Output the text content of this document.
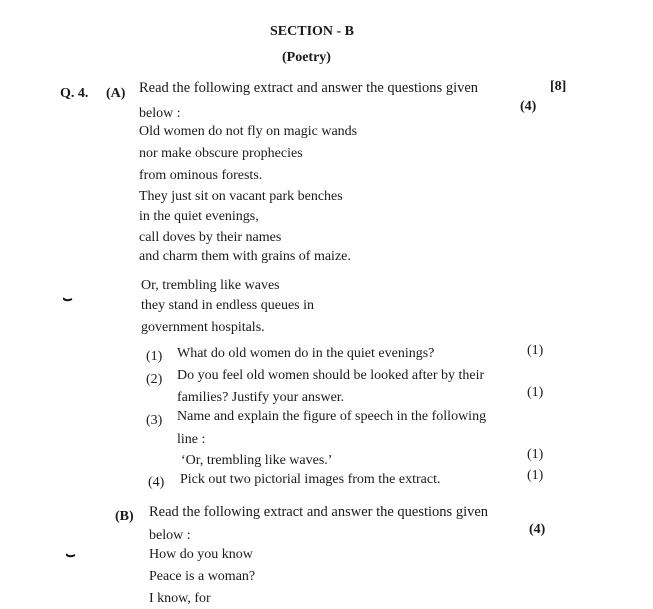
SECTION - B
(Poetry)
Q. 4. (A) Read the following extract and answer the questions given	[8]
below :	(4)
Old women do not fly on magic wands
nor make obscure prophecies
from ominous forests.
They just sit on vacant park benches
in the quiet evenings,
call doves by their names
and charm them with grains of maize.
Or, trembling like waves
they stand in endless queues in
government hospitals.
(1) What do old women do in the quiet evenings?	(1)
(2) Do you feel old women should be looked after by their
families? Justify your answer.	(1)
(3) Name and explain the figure of speech in the following
line :
‘Or, trembling like waves.’	(1)
(4) Pick out two pictorial images from the extract.	(1)
(B) Read the following extract and answer the questions given
below :	(4)
How do you know
Peace is a woman?
I know, for
